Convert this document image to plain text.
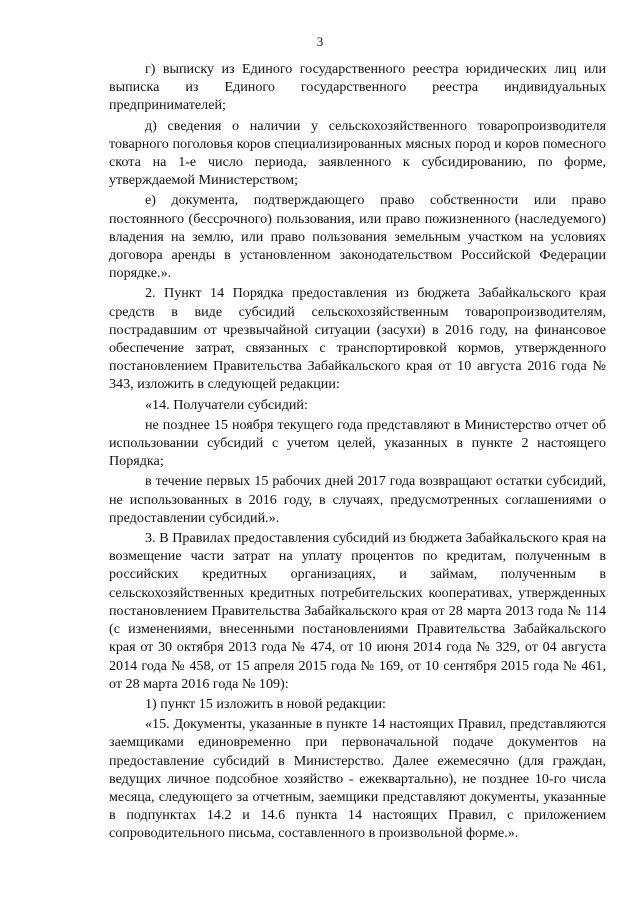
3

г) выписку из Единого государственного реестра юридических лиц или выписка из Единого государственного реестра индивидуальных предпринимателей;

д) сведения о наличии у сельскохозяйственного товаропроизводителя товарного поголовья коров специализированных мясных пород и коров помесного скота на 1-е число периода, заявленного к субсидированию, по форме, утверждаемой Министерством;

е) документа, подтверждающего право собственности или право постоянного (бессрочного) пользования, или право пожизненного (наследуемого) владения на землю, или право пользования земельным участком на условиях договора аренды в установленном законодательством Российской Федерации порядке.».

2. Пункт 14 Порядка предоставления из бюджета Забайкальского края средств в виде субсидий сельскохозяйственным товаропроизводителям, пострадавшим от чрезвычайной ситуации (засухи) в 2016 году, на финансовое обеспечение затрат, связанных с транспортировкой кормов, утвержденного постановлением Правительства Забайкальского края от 10 августа 2016 года № 343, изложить в следующей редакции:

«14. Получатели субсидий:

не позднее 15 ноября текущего года представляют в Министерство отчет об использовании субсидий с учетом целей, указанных в пункте 2 настоящего Порядка;

в течение первых 15 рабочих дней 2017 года возвращают остатки субсидий, не использованных в 2016 году, в случаях, предусмотренных соглашениями о предоставлении субсидий.».

3. В Правилах предоставления субсидий из бюджета Забайкальского края на возмещение части затрат на уплату процентов по кредитам, полученным в российских кредитных организациях, и займам, полученным в сельскохозяйственных кредитных потребительских кооперативах, утвержденных постановлением Правительства Забайкальского края от 28 марта 2013 года № 114 (с изменениями, внесенными постановлениями Правительства Забайкальского края от 30 октября 2013 года № 474, от 10 июня 2014 года № 329, от 04 августа 2014 года № 458, от 15 апреля 2015 года № 169, от 10 сентября 2015 года № 461, от 28 марта 2016 года № 109):

1) пункт 15 изложить в новой редакции:

«15. Документы, указанные в пункте 14 настоящих Правил, представляются заемщиками единовременно при первоначальной подаче документов на предоставление субсидий в Министерство. Далее ежемесячно (для граждан, ведущих личное подсобное хозяйство - ежеквартально), не позднее 10-го числа месяца, следующего за отчетным, заемщики представляют документы, указанные в подпунктах 14.2 и 14.6 пункта 14 настоящих Правил, с приложением сопроводительного письма, составленного в произвольной форме.».
